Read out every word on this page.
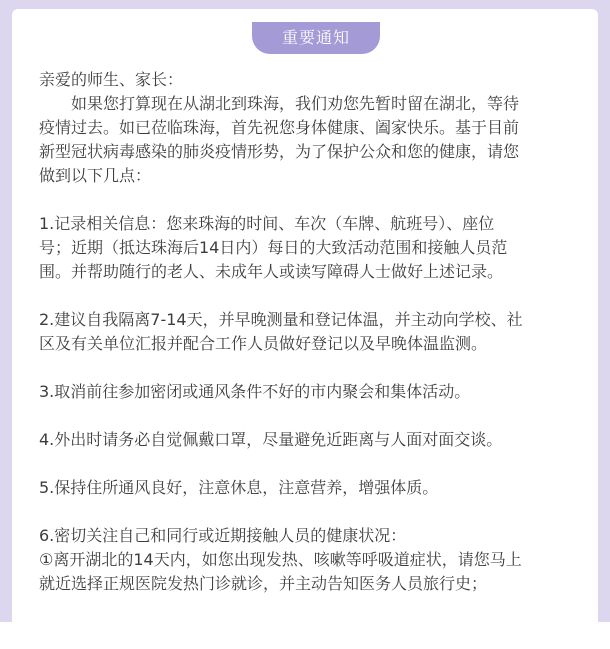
重要通知
亲爱的师生、家长：
如果您打算现在从湖北到珠海，我们劝您先暂时留在湖北，等待
疫情过去。如已莅临珠海，首先祝您身体健康、阖家快乐。基于目前
新型冠状病毒感染的肺炎疫情形势，为了保护公众和您的健康，请您
做到以下几点：
1.记录相关信息：您来珠海的时间、车次（车牌、航班号）、座位
号；近期（抵达珠海后14日内）每日的大致活动范围和接触人员范
围。并帮助随行的老人、未成年人或读写障碍人士做好上述记录。
2.建议自我隔离7-14天，并早晚测量和登记体温，并主动向学校、社
区及有关单位汇报并配合工作人员做好登记以及早晚体温监测。
3.取消前往参加密闭或通风条件不好的市内聚会和集体活动。
4.外出时请务必自觉佩戴口罩，尽量避免近距离与人面对面交谈。
5.保持住所通风良好，注意休息，注意营养，增强体质。
6.密切关注自己和同行或近期接触人员的健康状况：
①离开湖北的14天内，如您出现发热、咳嗽等呼吸道症状，请您马上
就近选择正规医院发热门诊就诊，并主动告知医务人员旅行史；
